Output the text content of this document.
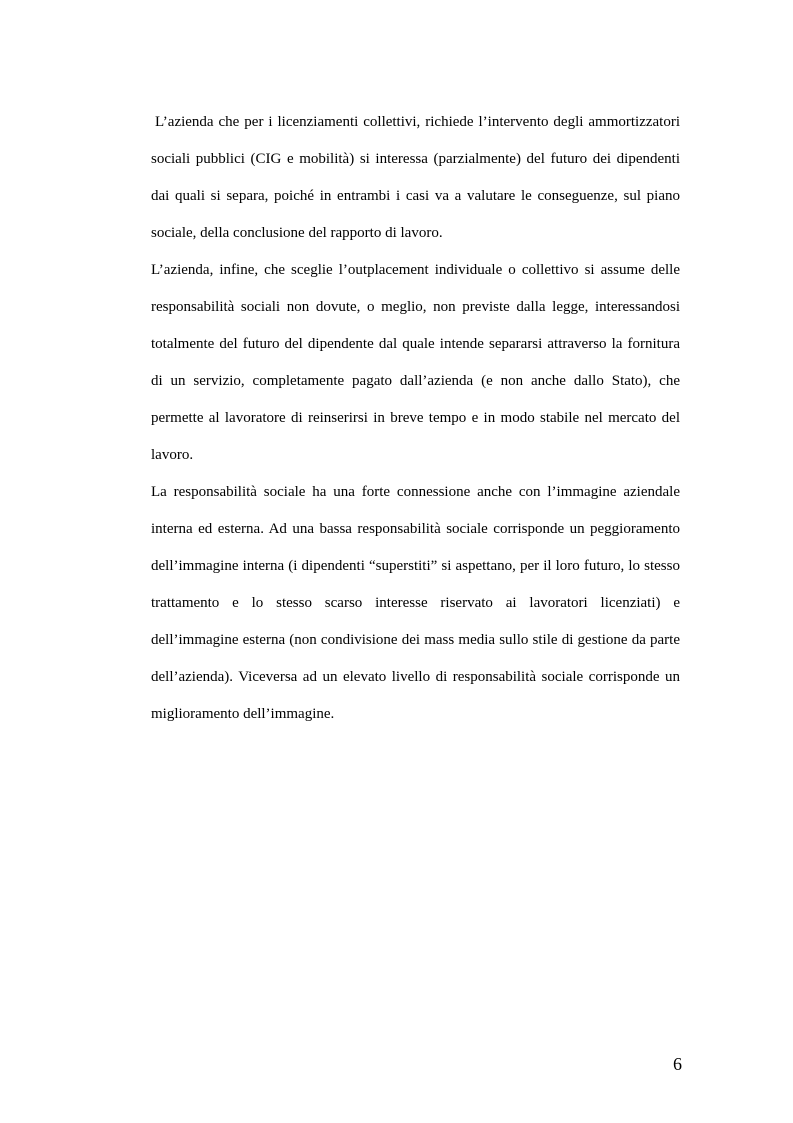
L’azienda che per i licenziamenti collettivi, richiede l’intervento degli ammortizzatori sociali pubblici (CIG e mobilità) si interessa (parzialmente) del futuro dei dipendenti dai quali si separa, poiché in entrambi i casi va a valutare le conseguenze, sul piano sociale, della conclusione del rapporto di lavoro.

L’azienda, infine, che sceglie l’outplacement individuale o collettivo si assume delle responsabilità sociali non dovute, o meglio, non previste dalla legge, interessandosi totalmente del futuro del dipendente dal quale intende separarsi attraverso la fornitura di un servizio, completamente pagato dall’azienda (e non anche dallo Stato), che permette al lavoratore di reinserirsi in breve tempo e in modo stabile nel mercato del lavoro.

La responsabilità sociale ha una forte connessione anche con l’immagine aziendale interna ed esterna. Ad una bassa responsabilità sociale corrisponde un peggioramento dell’immagine interna (i dipendenti “superstiti” si aspettano, per il loro futuro, lo stesso trattamento e lo stesso scarso interesse riservato ai lavoratori licenziati) e dell’immagine esterna (non condivisione dei mass media sullo stile di gestione da parte dell’azienda). Viceversa ad un elevato livello di responsabilità sociale corrisponde un miglioramento dell’immagine.

6
